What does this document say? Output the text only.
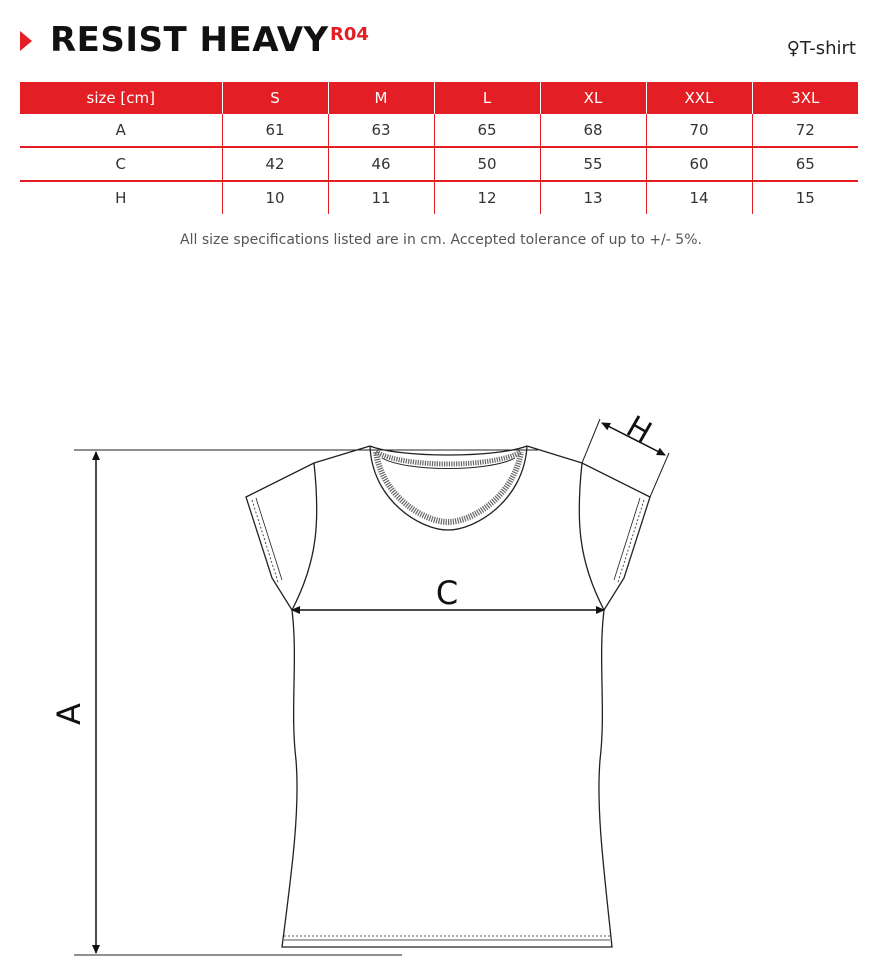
RESIST HEAVY R04
♀T-shirt
size [cm]	S	M	L	XL	XXL	3XL
A	61	63	65	68	70	72
C	42	46	50	55	60	65
H	10	11	12	13	14	15
All size specifications listed are in cm. Accepted tolerance of up to +/- 5%.
A
C
H
